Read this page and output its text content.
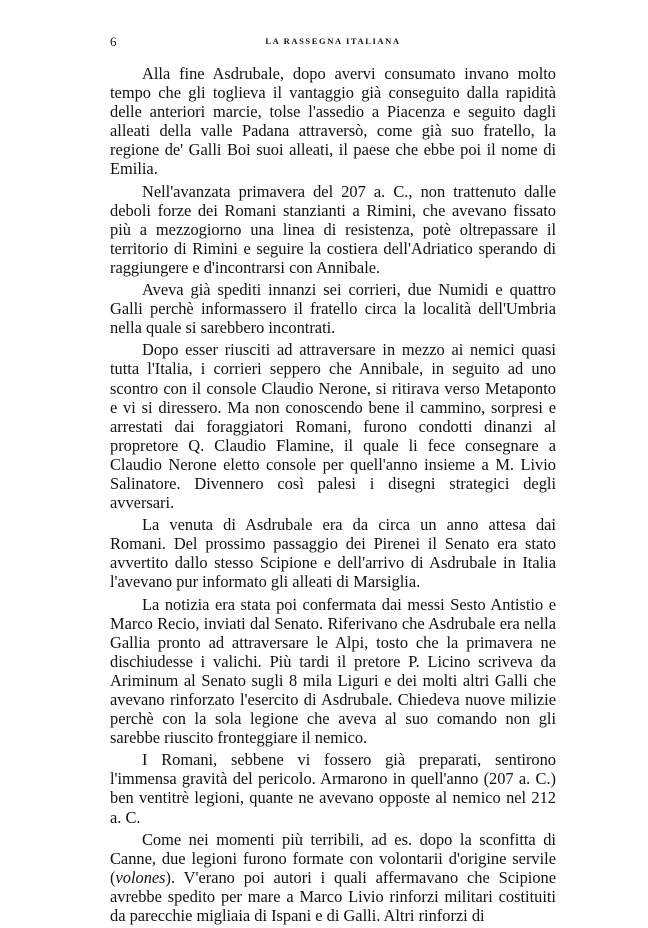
6	LA RASSEGNA ITALIANA

Alla fine Asdrubale, dopo avervi consumato invano molto tempo che gli toglieva il vantaggio già conseguito dalla rapidità delle anteriori marcie, tolse l'assedio a Piacenza e seguito dagli alleati della valle Padana attraversò, come già suo fratello, la regione de' Galli Boi suoi alleati, il paese che ebbe poi il nome di Emilia.

Nell'avanzata primavera del 207 a. C., non trattenuto dalle deboli forze dei Romani stanzianti a Rimini, che avevano fissato più a mezzogiorno una linea di resistenza, potè oltrepassare il territorio di Rimini e seguire la costiera dell'Adriatico sperando di raggiungere e d'incontrarsi con Annibale.

Aveva già spediti innanzi sei corrieri, due Numidi e quattro Galli perchè informassero il fratello circa la località dell'Umbria nella quale si sarebbero incontrati.

Dopo esser riusciti ad attraversare in mezzo ai nemici quasi tutta l'Italia, i corrieri seppero che Annibale, in seguito ad uno scontro con il console Claudio Nerone, si ritirava verso Metaponto e vi si diressero. Ma non conoscendo bene il cammino, sorpresi e arrestati dai foraggiatori Romani, furono condotti dinanzi al propretore Q. Claudio Flamine, il quale li fece consegnare a Claudio Nerone eletto console per quell'anno insieme a M. Livio Salinatore. Divennero così palesi i disegni strategici degli avversari.

La venuta di Asdrubale era da circa un anno attesa dai Romani. Del prossimo passaggio dei Pirenei il Senato era stato avvertito dallo stesso Scipione e dell'arrivo di Asdrubale in Italia l'avevano pur informato gli alleati di Marsiglia.

La notizia era stata poi confermata dai messi Sesto Antistio e Marco Recio, inviati dal Senato. Riferivano che Asdrubale era nella Gallia pronto ad attraversare le Alpi, tosto che la primavera ne dischiudesse i valichi. Più tardi il pretore P. Licino scriveva da Ariminum al Senato sugli 8 mila Liguri e dei molti altri Galli che avevano rinforzato l'esercito di Asdrubale. Chiedeva nuove milizie perchè con la sola legione che aveva al suo comando non gli sarebbe riuscito fronteggiare il nemico.

I Romani, sebbene vi fossero già preparati, sentirono l'immensa gravità del pericolo. Armarono in quell'anno (207 a. C.) ben ventitrè legioni, quante ne avevano opposte al nemico nel 212 a. C.

Come nei momenti più terribili, ad es. dopo la sconfitta di Canne, due legioni furono formate con volontarii d'origine servile (volones). V'erano poi autori i quali affermavano che Scipione avrebbe spedito per mare a Marco Livio rinforzi militari costituiti da parecchie migliaia di Ispani e di Galli. Altri rinforzi di
